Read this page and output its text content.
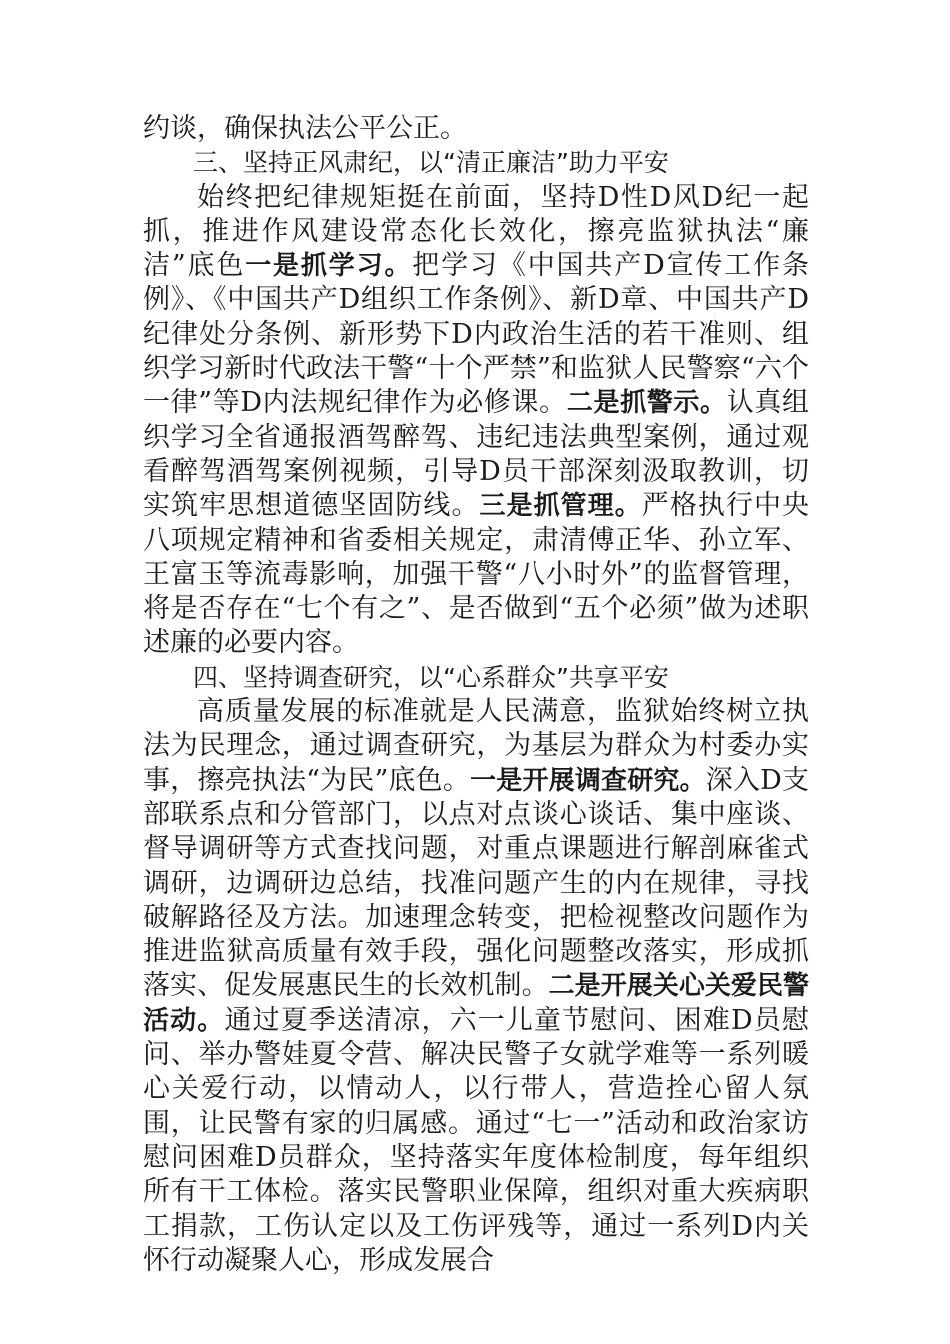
约谈，确保执法公平公正。

三、坚持正风肃纪，以“清正廉洁”助力平安

始终把纪律规矩挺在前面，坚持D性D风D纪一起抓，推进作风建设常态化长效化，擦亮监狱执法“廉洁”底色一是抓学习。把学习《中国共产D宣传工作条例》、《中国共产D组织工作条例》、新D章、中国共产D纪律处分条例、新形势下D内政治生活的若干准则、组织学习新时代政法干警“十个严禁”和监狱人民警察“六个一律”等D内法规纪律作为必修课。二是抓警示。认真组织学习全省通报酒驾醉驾、违纪违法典型案例，通过观看醉驾酒驾案例视频，引导D员干部深刻汲取教训，切实筑牢思想道德坚固防线。三是抓管理。严格执行中央八项规定精神和省委相关规定，肃清傅正华、孙立军、王富玉等流毒影响，加强干警“八小时外”的监督管理，将是否存在“七个有之”、是否做到“五个必须”做为述职述廉的必要内容。

四、坚持调查研究，以“心系群众”共享平安

高质量发展的标准就是人民满意，监狱始终树立执法为民理念，通过调查研究，为基层为群众为村委办实事，擦亮执法“为民”底色。一是开展调查研究。深入D支部联系点和分管部门，以点对点谈心谈话、集中座谈、督导调研等方式查找问题，对重点课题进行解剖麻雀式调研，边调研边总结，找准问题产生的内在规律，寻找破解路径及方法。加速理念转变，把检视整改问题作为推进监狱高质量有效手段，强化问题整改落实，形成抓落实、促发展惠民生的长效机制。二是开展关心关爱民警活动。通过夏季送清凉，六一儿童节慰问、困难D员慰问、举办警娃夏令营、解决民警子女就学难等一系列暖心关爱行动，以情动人，以行带人，营造拴心留人氛围，让民警有家的归属感。通过“七一”活动和政治家访慰问困难D员群众，坚持落实年度体检制度，每年组织所有干工体检。落实民警职业保障，组织对重大疾病职工捐款，工伤认定以及工伤评残等，通过一系列D内关怀行动凝聚人心，形成发展合
